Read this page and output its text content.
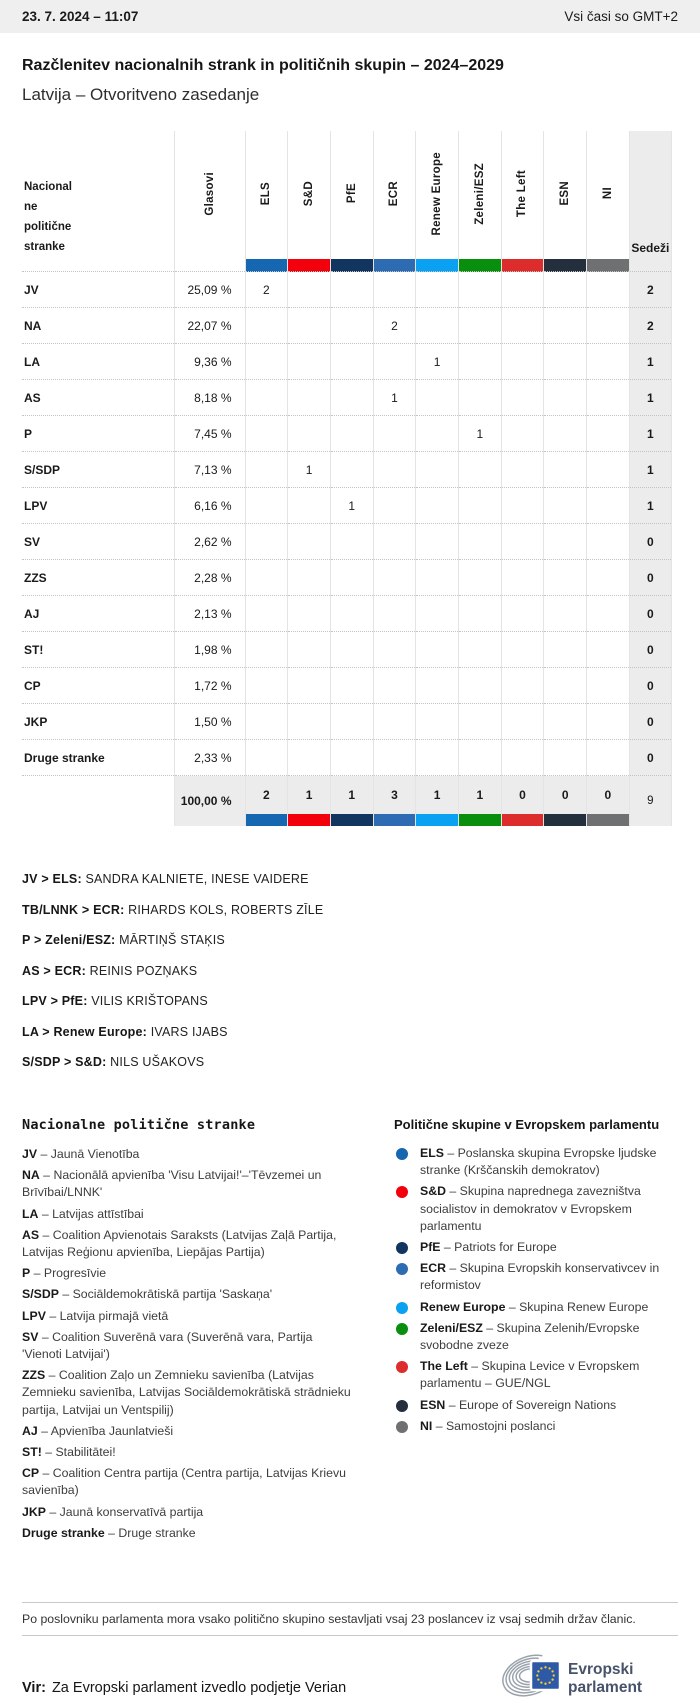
23. 7. 2024 – 11:07	Vsi časi so GMT+2
Razčlenitev nacionalnih strank in političnih skupin – 2024–2029
Latvija – Otvoritveno zasedanje
Nacional
ne
politične
stranke	Glasovi	ELS	S&D	PfE	ECR	Renew Europe	Zeleni/ESZ	The Left	ESN	NI	Sedeži

JV	25,09 %	2									2
NA	22,07 %				2						2
LA	9,36 %					1					1
AS	8,18 %				1						1
P	7,45 %						1				1
S/SDP	7,13 %		1								1
LPV	6,16 %			1							1
SV	2,62 %										0
ZZS	2,28 %										0
AJ	2,13 %										0
ST!	1,98 %										0
CP	1,72 %										0
JKP	1,50 %										0
Druge stranke	2,33 %										0
	100,00 %	2	1	1	3	1	1	0	0	0	9

JV > ELS: SANDRA KALNIETE, INESE VAIDERE

TB/LNNK > ECR: RIHARDS KOLS, ROBERTS ZĪLE

P > Zeleni/ESZ: MĀRTIŅŠ STAĶIS

AS > ECR: REINIS POZŅAKS

LPV > PfE: VILIS KRIŠTOPANS

LA > Renew Europe: IVARS IJABS

S/SDP > S&D: NILS UŠAKOVS

Nacionalne politične stranke

JV – Jaunā Vienotība

NA – Nacionālā apvienība 'Visu Latvijai!'–'Tēvzemei un Brīvībai/LNNK'

LA – Latvijas attīstībai

AS – Coalition Apvienotais Saraksts (Latvijas Zaļā Partija, Latvijas Reģionu apvienība, Liepājas Partija)

P – Progresīvie

S/SDP – Sociāldemokrātiskā partija 'Saskaņa'

LPV – Latvija pirmajā vietā

SV – Coalition Suverēnā vara (Suverēnā vara, Partija 'Vienoti Latvijai')

ZZS – Coalition Zaļo un Zemnieku savienība (Latvijas Zemnieku savienība, Latvijas Sociāldemokrātiskā strādnieku partija, Latvijai un Ventspilij)

AJ – Apvienība Jaunlatvieši

ST! – Stabilitātei!

CP – Coalition Centra partija (Centra partija, Latvijas Krievu savienība)

JKP – Jaunā konservatīvā partija

Druge stranke – Druge stranke

Politične skupine v Evropskem parlamentu
ELS – Poslanska skupina Evropske ljudske stranke (Krščanskih demokratov)
S&D – Skupina naprednega zavezništva socialistov in demokratov v Evropskem parlamentu
PfE – Patriots for Europe
ECR – Skupina Evropskih konservativcev in reformistov
Renew Europe – Skupina Renew Europe
Zeleni/ESZ – Skupina Zelenih/Evropske svobodne zveze
The Left – Skupina Levice v Evropskem parlamentu – GUE/NGL
ESN – Europe of Sovereign Nations
NI – Samostojni poslanci

Po poslovniku parlamenta mora vsako politično skupino sestavljati vsaj 23 poslancev iz vsaj sedmih držav članic.

Vir: Za Evropski parlament izvedlo podjetje Verian
Evropski
parlament
